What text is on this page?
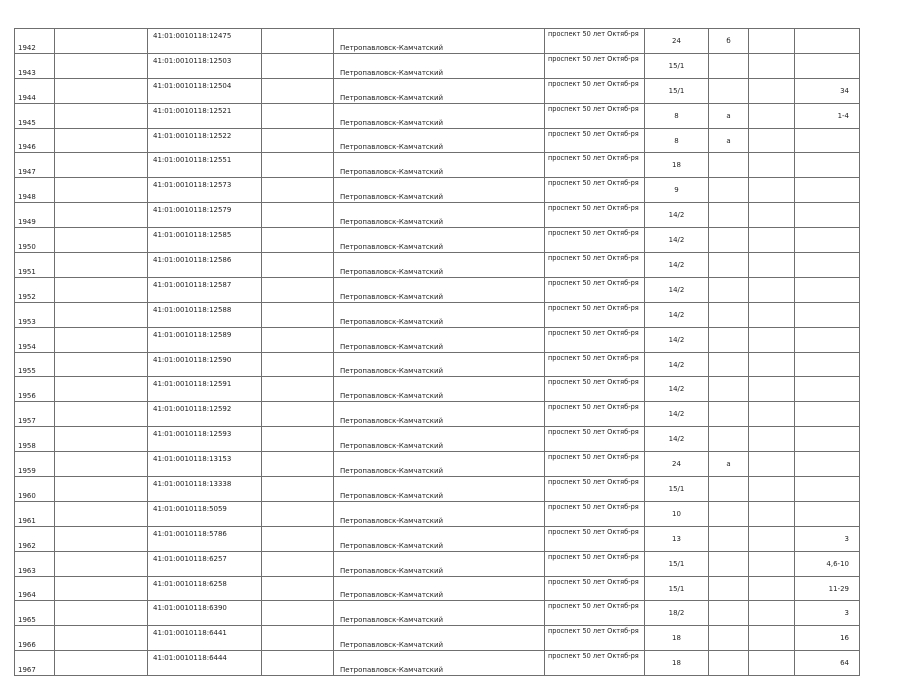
1942		41:01:0010118:12475		Петропавловск-Камчатский	проспект 50 лет Октяб-ря	24	б		
1943		41:01:0010118:12503		Петропавловск-Камчатский	проспект 50 лет Октяб-ря	15/1			
1944		41:01:0010118:12504		Петропавловск-Камчатский	проспект 50 лет Октяб-ря	15/1			34
1945		41:01:0010118:12521		Петропавловск-Камчатский	проспект 50 лет Октяб-ря	8	а		1-4
1946		41:01:0010118:12522		Петропавловск-Камчатский	проспект 50 лет Октяб-ря	8	а		
1947		41:01:0010118:12551		Петропавловск-Камчатский	проспект 50 лет Октяб-ря	18			
1948		41:01:0010118:12573		Петропавловск-Камчатский	проспект 50 лет Октяб-ря	9			
1949		41:01:0010118:12579		Петропавловск-Камчатский	проспект 50 лет Октяб-ря	14/2			
1950		41:01:0010118:12585		Петропавловск-Камчатский	проспект 50 лет Октяб-ря	14/2			
1951		41:01:0010118:12586		Петропавловск-Камчатский	проспект 50 лет Октяб-ря	14/2			
1952		41:01:0010118:12587		Петропавловск-Камчатский	проспект 50 лет Октяб-ря	14/2			
1953		41:01:0010118:12588		Петропавловск-Камчатский	проспект 50 лет Октяб-ря	14/2			
1954		41:01:0010118:12589		Петропавловск-Камчатский	проспект 50 лет Октяб-ря	14/2			
1955		41:01:0010118:12590		Петропавловск-Камчатский	проспект 50 лет Октяб-ря	14/2			
1956		41:01:0010118:12591		Петропавловск-Камчатский	проспект 50 лет Октяб-ря	14/2			
1957		41:01:0010118:12592		Петропавловск-Камчатский	проспект 50 лет Октяб-ря	14/2			
1958		41:01:0010118:12593		Петропавловск-Камчатский	проспект 50 лет Октяб-ря	14/2			
1959		41:01:0010118:13153		Петропавловск-Камчатский	проспект 50 лет Октяб-ря	24	а		
1960		41:01:0010118:13338		Петропавловск-Камчатский	проспект 50 лет Октяб-ря	15/1			
1961		41:01:0010118:5059		Петропавловск-Камчатский	проспект 50 лет Октяб-ря	10			
1962		41:01:0010118:5786		Петропавловск-Камчатский	проспект 50 лет Октяб-ря	13			3
1963		41:01:0010118:6257		Петропавловск-Камчатский	проспект 50 лет Октяб-ря	15/1			4,6-10
1964		41:01:0010118:6258		Петропавловск-Камчатский	проспект 50 лет Октяб-ря	15/1			11-29
1965		41:01:0010118:6390		Петропавловск-Камчатский	проспект 50 лет Октяб-ря	18/2			3
1966		41:01:0010118:6441		Петропавловск-Камчатский	проспект 50 лет Октяб-ря	18			16
1967		41:01:0010118:6444		Петропавловск-Камчатский	проспект 50 лет Октяб-ря	18			64
